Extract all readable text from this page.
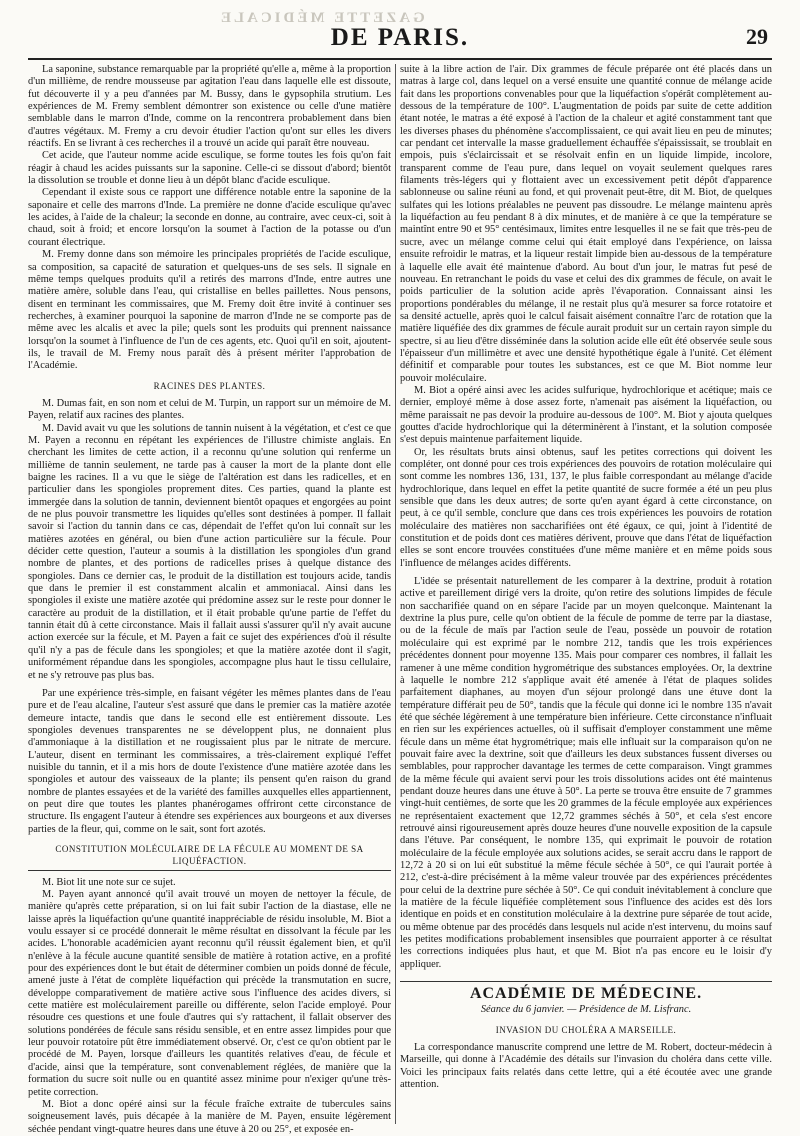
GAZETTE MÉDICALE
DE PARIS.	29

La saponine, substance remarquable par la propriété qu'elle a, même à la proportion d'un millième, de rendre mousseuse par agitation l'eau dans laquelle elle est dissoute, fut découverte il y a peu d'années par M. Bussy, dans le gypsophila strutium. Les expériences de M. Fremy semblent démontrer son existence ou celle d'une matière semblable dans le marron d'Inde, comme on la rencontrera probablement dans bien d'autres végétaux. M. Fremy a cru devoir étudier l'action qu'ont sur elles les divers réactifs. En se livrant à ces recherches il a trouvé un acide qui paraît être nouveau.

Cet acide, que l'auteur nomme acide esculique, se forme toutes les fois qu'on fait réagir à chaud les acides puissants sur la saponine. Celle-ci se dissout d'abord; bientôt la dissolution se trouble et donne lieu à un dépôt blanc d'acide esculique.

Cependant il existe sous ce rapport une différence notable entre la saponine de la saponaire et celle des marrons d'Inde. La première ne donne d'acide esculique qu'avec les acides, à l'aide de la chaleur; la seconde en donne, au contraire, avec ceux-ci, soit à chaud, soit à froid; et encore lorsqu'on la soumet à l'action de la potasse ou d'un courant électrique.

M. Fremy donne dans son mémoire les principales propriétés de l'acide esculique, sa composition, sa capacité de saturation et quelques-uns de ses sels. Il signale en même temps quelques produits qu'il a retirés des marrons d'Inde, entre autres une matière amère, soluble dans l'eau, qui cristallise en belles paillettes. Nous pensons, disent en terminant les commissaires, que M. Fremy doit être invité à continuer ses recherches, à examiner pourquoi la saponine de marron d'Inde ne se comporte pas de même avec les alcalis et avec la pile; quels sont les produits qui prennent naissance lorsqu'on la soumet à l'influence de l'un de ces agents, etc. Quoi qu'il en soit, ajoutent-ils, le travail de M. Fremy nous paraît dès à présent mériter l'approbation de l'Académie.

RACINES DES PLANTES.

M. Dumas fait, en son nom et celui de M. Turpin, un rapport sur un mémoire de M. Payen, relatif aux racines des plantes.

M. David avait vu que les solutions de tannin nuisent à la végétation, et c'est ce que M. Payen a reconnu en répétant les expériences de l'illustre chimiste anglais. En cherchant les limites de cette action, il a reconnu qu'une solution qui renferme un millième de tannin seulement, ne tarde pas à causer la mort de la plante dont elle baigne les racines. Il a vu que le siège de l'altération est dans les radicelles, et en particulier dans les spongioles proprement dites. Ces parties, quand la plante est immergée dans la solution de tannin, deviennent bientôt opaques et engorgées au point de ne plus pouvoir transmettre les liquides qu'elles sont destinées à pomper. Il fallait savoir si l'action du tannin dans ce cas, dépendait de l'effet qu'on lui connaît sur les matières azotées en général, ou bien d'une action particulière sur la fécule. Pour décider cette question, l'auteur a soumis à la distillation les spongioles d'un grand nombre de plantes, et des portions de radicelles prises à quelque distance des spongioles. Dans ce dernier cas, le produit de la distillation est toujours acide, tandis que dans le premier il est constamment alcalin et ammoniacal. Ainsi dans les spongioles il existe une matière azotée qui prédomine assez sur le reste pour donner le caractère au produit de la distillation, et il était probable qu'une partie de l'effet du tannin était dû à cette circonstance. Mais il fallait aussi s'assurer qu'il n'y avait aucune action exercée sur la fécule, et M. Payen a fait ce sujet des expériences d'où il résulte qu'il n'y a pas de fécule dans les spongioles; et que la matière azotée dont il s'agit, uniformément répandue dans les spongioles, accompagne plus haut le tissu cellulaire, et ne s'y retrouve pas plus bas.

Par une expérience très-simple, en faisant végéter les mêmes plantes dans de l'eau pure et de l'eau alcaline, l'auteur s'est assuré que dans le premier cas la matière azotée demeure intacte, tandis que dans le second elle est entièrement dissoute. Les spongioles devenues transparentes ne se développent plus, ne donnaient plus d'ammoniaque à la distillation et ne rougissaient plus par le nitrate de mercure. L'auteur, disent en terminant les commissaires, a très-clairement expliqué l'effet nuisible du tannin, et il a mis hors de doute l'existence d'une matière azotée dans les spongioles et autour des vaisseaux de la plante; ils pensent qu'en raison du grand nombre de plantes essayées et de la variété des familles auxquelles elles appartiennent, on peut dire que toutes les plantes phanérogames offriront cette circonstance de structure. Ils engagent l'auteur à étendre ses expériences aux bourgeons et aux diverses parties de la fleur, qui, comme on le sait, sont fort azotés.

CONSTITUTION MOLÉCULAIRE DE LA FÉCULE AU MOMENT DE SA LIQUÉFACTION.

M. Biot lit une note sur ce sujet.

M. Payen ayant annoncé qu'il avait trouvé un moyen de nettoyer la fécule, de manière qu'après cette préparation, si on lui fait subir l'action de la diastase, elle ne laisse après la liquéfaction qu'une quantité inappréciable de résidu insoluble, M. Biot a voulu essayer si ce procédé donnerait le même résultat en dissolvant la fécule par les acides. L'honorable académicien ayant reconnu qu'il réussit également bien, et qu'il n'enlève à la fécule aucune quantité sensible de matière à rotation active, en a profité pour des expériences dont le but était de déterminer combien un poids donné de fécule, amené juste à l'état de complète liquéfaction qui précède la transmutation en sucre, développe comparativement de matière active sous l'influence des acides divers, si cette matière est moléculairement pareille ou différente, selon l'acide employé. Pour résoudre ces questions et une foule d'autres qui s'y rattachent, il fallait observer des solutions pondérées de fécule sans résidu sensible, et en entre assez limpides pour que leur pouvoir rotatoire pût être immédiatement observé. Or, c'est ce qu'on obtient par le procédé de M. Payen, lorsque d'ailleurs les quantités relatives d'eau, de fécule et d'acide, ainsi que la température, sont convenablement réglées, de manière que la formation du sucre soit nulle ou en quantité assez minime pour n'exiger qu'une très-petite correction.

M. Biot a donc opéré ainsi sur la fécule fraîche extraite de tubercules sains soigneusement lavés, puis décapée à la manière de M. Payen, ensuite légèrement séchée pendant vingt-quatre heures dans une étuve à 20 ou 25°, et exposée en-

suite à la libre action de l'air. Dix grammes de fécule préparée ont été placés dans un matras à large col, dans lequel on a versé ensuite une quantité connue de mélange acide fait dans les proportions convenables pour que la liquéfaction s'opérât complètement au-dessous de la température de 100°. L'augmentation de poids par suite de cette addition étant notée, le matras a été exposé à l'action de la chaleur et agité constamment tant que les diverses phases du phénomène s'accomplissaient, ce qui avait lieu en peu de minutes; car pendant cet intervalle la masse graduellement échauffée s'épaississait, se troublait en empois, puis s'éclaircissait et se résolvait enfin en un liquide limpide, incolore, transparent comme de l'eau pure, dans lequel on voyait seulement quelques rares filaments très-légers qui y flottaient avec un excessivement petit dépôt d'apparence sablonneuse ou saline réuni au fond, et qui provenait peut-être, dit M. Biot, de quelques sulfates qui les lotions préalables ne peuvent pas dissoudre. Le mélange maintenu après la liquéfaction au feu pendant 8 à dix minutes, et de manière à ce que la température se maintînt entre 90 et 95° centésimaux, limites entre lesquelles il ne se fait que très-peu de sucre, avec un mélange comme celui qui était employé dans l'expérience, on laissa ensuite refroidir le matras, et la liqueur restait limpide bien au-dessous de la température à laquelle elle avait été maintenue d'abord. Au bout d'un jour, le matras fut pesé de nouveau. En retranchant le poids du vase et celui des dix grammes de fécule, on avait le poids particulier de la solution acide après l'évaporation. Connaissant ainsi les proportions pondérables du mélange, il ne restait plus qu'à mesurer sa force rotatoire et sa densité actuelle, après quoi le calcul faisait aisément connaître l'arc de rotation que la matière liquéfiée des dix grammes de fécule aurait produit sur un certain rayon simple du spectre, si au lieu d'être disséminée dans la solution acide elle eût été observée seule sous l'épaisseur d'un millimètre et avec une densité hypothétique égale à l'unité. Cet élément définitif et comparable pour toutes les substances, est ce que M. Biot nomme leur pouvoir moléculaire.

M. Biot a opéré ainsi avec les acides sulfurique, hydrochlorique et acétique; mais ce dernier, employé même à dose assez forte, n'amenait pas aisément la liquéfaction, ou même paraissait ne pas devoir la produire au-dessous de 100°. M. Biot y ajouta quelques gouttes d'acide hydrochlorique qui la déterminèrent à l'instant, et la solution composée s'est depuis maintenue parfaitement liquide.

Or, les résultats bruts ainsi obtenus, sauf les petites corrections qui doivent les compléter, ont donné pour ces trois expériences des pouvoirs de rotation moléculaire qui sont comme les nombres 136, 131, 137, le plus faible correspondant au mélange d'acide hydrochlorique, dans lequel en effet la petite quantité de sucre formée a été un peu plus sensible que dans les deux autres; de sorte qu'en ayant égard à cette circonstance, on peut, à ce qu'il semble, conclure que dans ces trois expériences les pouvoirs de rotation moléculaire des matières non saccharifiées ont été égaux, ce qui, joint à l'identité de constitution et de poids dont ces matières dérivent, prouve que dans l'état de liquéfaction elles se sont encore trouvées constituées d'une même manière et en même poids sous l'influence de mélanges acides différents.

L'idée se présentait naturellement de les comparer à la dextrine, produit à rotation active et pareillement dirigé vers la droite, qu'on retire des solutions limpides de fécule non saccharifiée quand on en sépare l'acide par un moyen quelconque. Maintenant la dextrine la plus pure, celle qu'on obtient de la fécule de pomme de terre par la diastase, ou de la fécule de maïs par l'action seule de l'eau, possède un pouvoir de rotation moléculaire qui est exprimé par le nombre 212, tandis que les trois expériences précédentes donnent pour moyenne 135. Mais pour comparer ces nombres, il fallait les ramener à une même condition hygrométrique des substances employées. Or, la dextrine à laquelle le nombre 212 s'applique avait été amenée à l'état de plaques solides parfaitement diaphanes, au moyen d'un séjour prolongé dans une étuve dont la température différait peu de 50°, tandis que la fécule qui donne ici le nombre 135 n'avait été que séchée légèrement à une température bien inférieure. Cette circonstance n'influait en rien sur les expériences actuelles, où il suffisait d'employer constamment une même fécule dans un même état hygrométrique; mais elle influait sur la comparaison qu'on ne pouvait faire avec la dextrine, soit que d'ailleurs les deux substances fussent diverses ou semblables, pour rapprocher davantage les termes de cette comparaison. Vingt grammes de la même fécule qui avaient servi pour les trois dissolutions acides ont été maintenus pendant douze heures dans une étuve à 50°. La perte se trouva être ensuite de 7 grammes vingt-huit centièmes, de sorte que les 20 grammes de la fécule employée aux expériences ne représentaient exactement que 12,72 grammes séchés à 50°, et cela s'est encore retrouvé ainsi rigoureusement après douze heures d'une nouvelle exposition de la capsule dans l'étuve. Par conséquent, le nombre 135, qui exprimait le pouvoir de rotation moléculaire de la fécule employée aux solutions acides, se serait accru dans le rapport de 12,72 à 20 si on lui eût substitué la même fécule séchée à 50°, ce qui l'aurait portée à 212, c'est-à-dire précisément à la même valeur trouvée par des expériences précédentes pour celui de la dextrine pure séchée à 50°. Ce qui conduit inévitablement à conclure que la matière de la fécule liquéfiée complètement sous l'influence des acides est dès lors identique en poids et en constitution moléculaire à la dextrine pure séparée de tout acide, ou même obtenue par des procédés dans lesquels nul acide n'est intervenu, du moins sauf les petites modifications probablement insensibles que pourraient apporter à ce résultat les corrections indiquées plus haut, et que M. Biot n'a pas encore eu le loisir d'y appliquer.

ACADÉMIE DE MÉDECINE.
Séance du 6 janvier. — Présidence de M. Lisfranc.
INVASION DU CHOLÉRA A MARSEILLE.

La correspondance manuscrite comprend une lettre de M. Robert, docteur-médecin à Marseille, qui donne à l'Académie des détails sur l'invasion du choléra dans cette ville. Voici les principaux faits relatés dans cette lettre, qui a été écoutée avec une grande attention.
